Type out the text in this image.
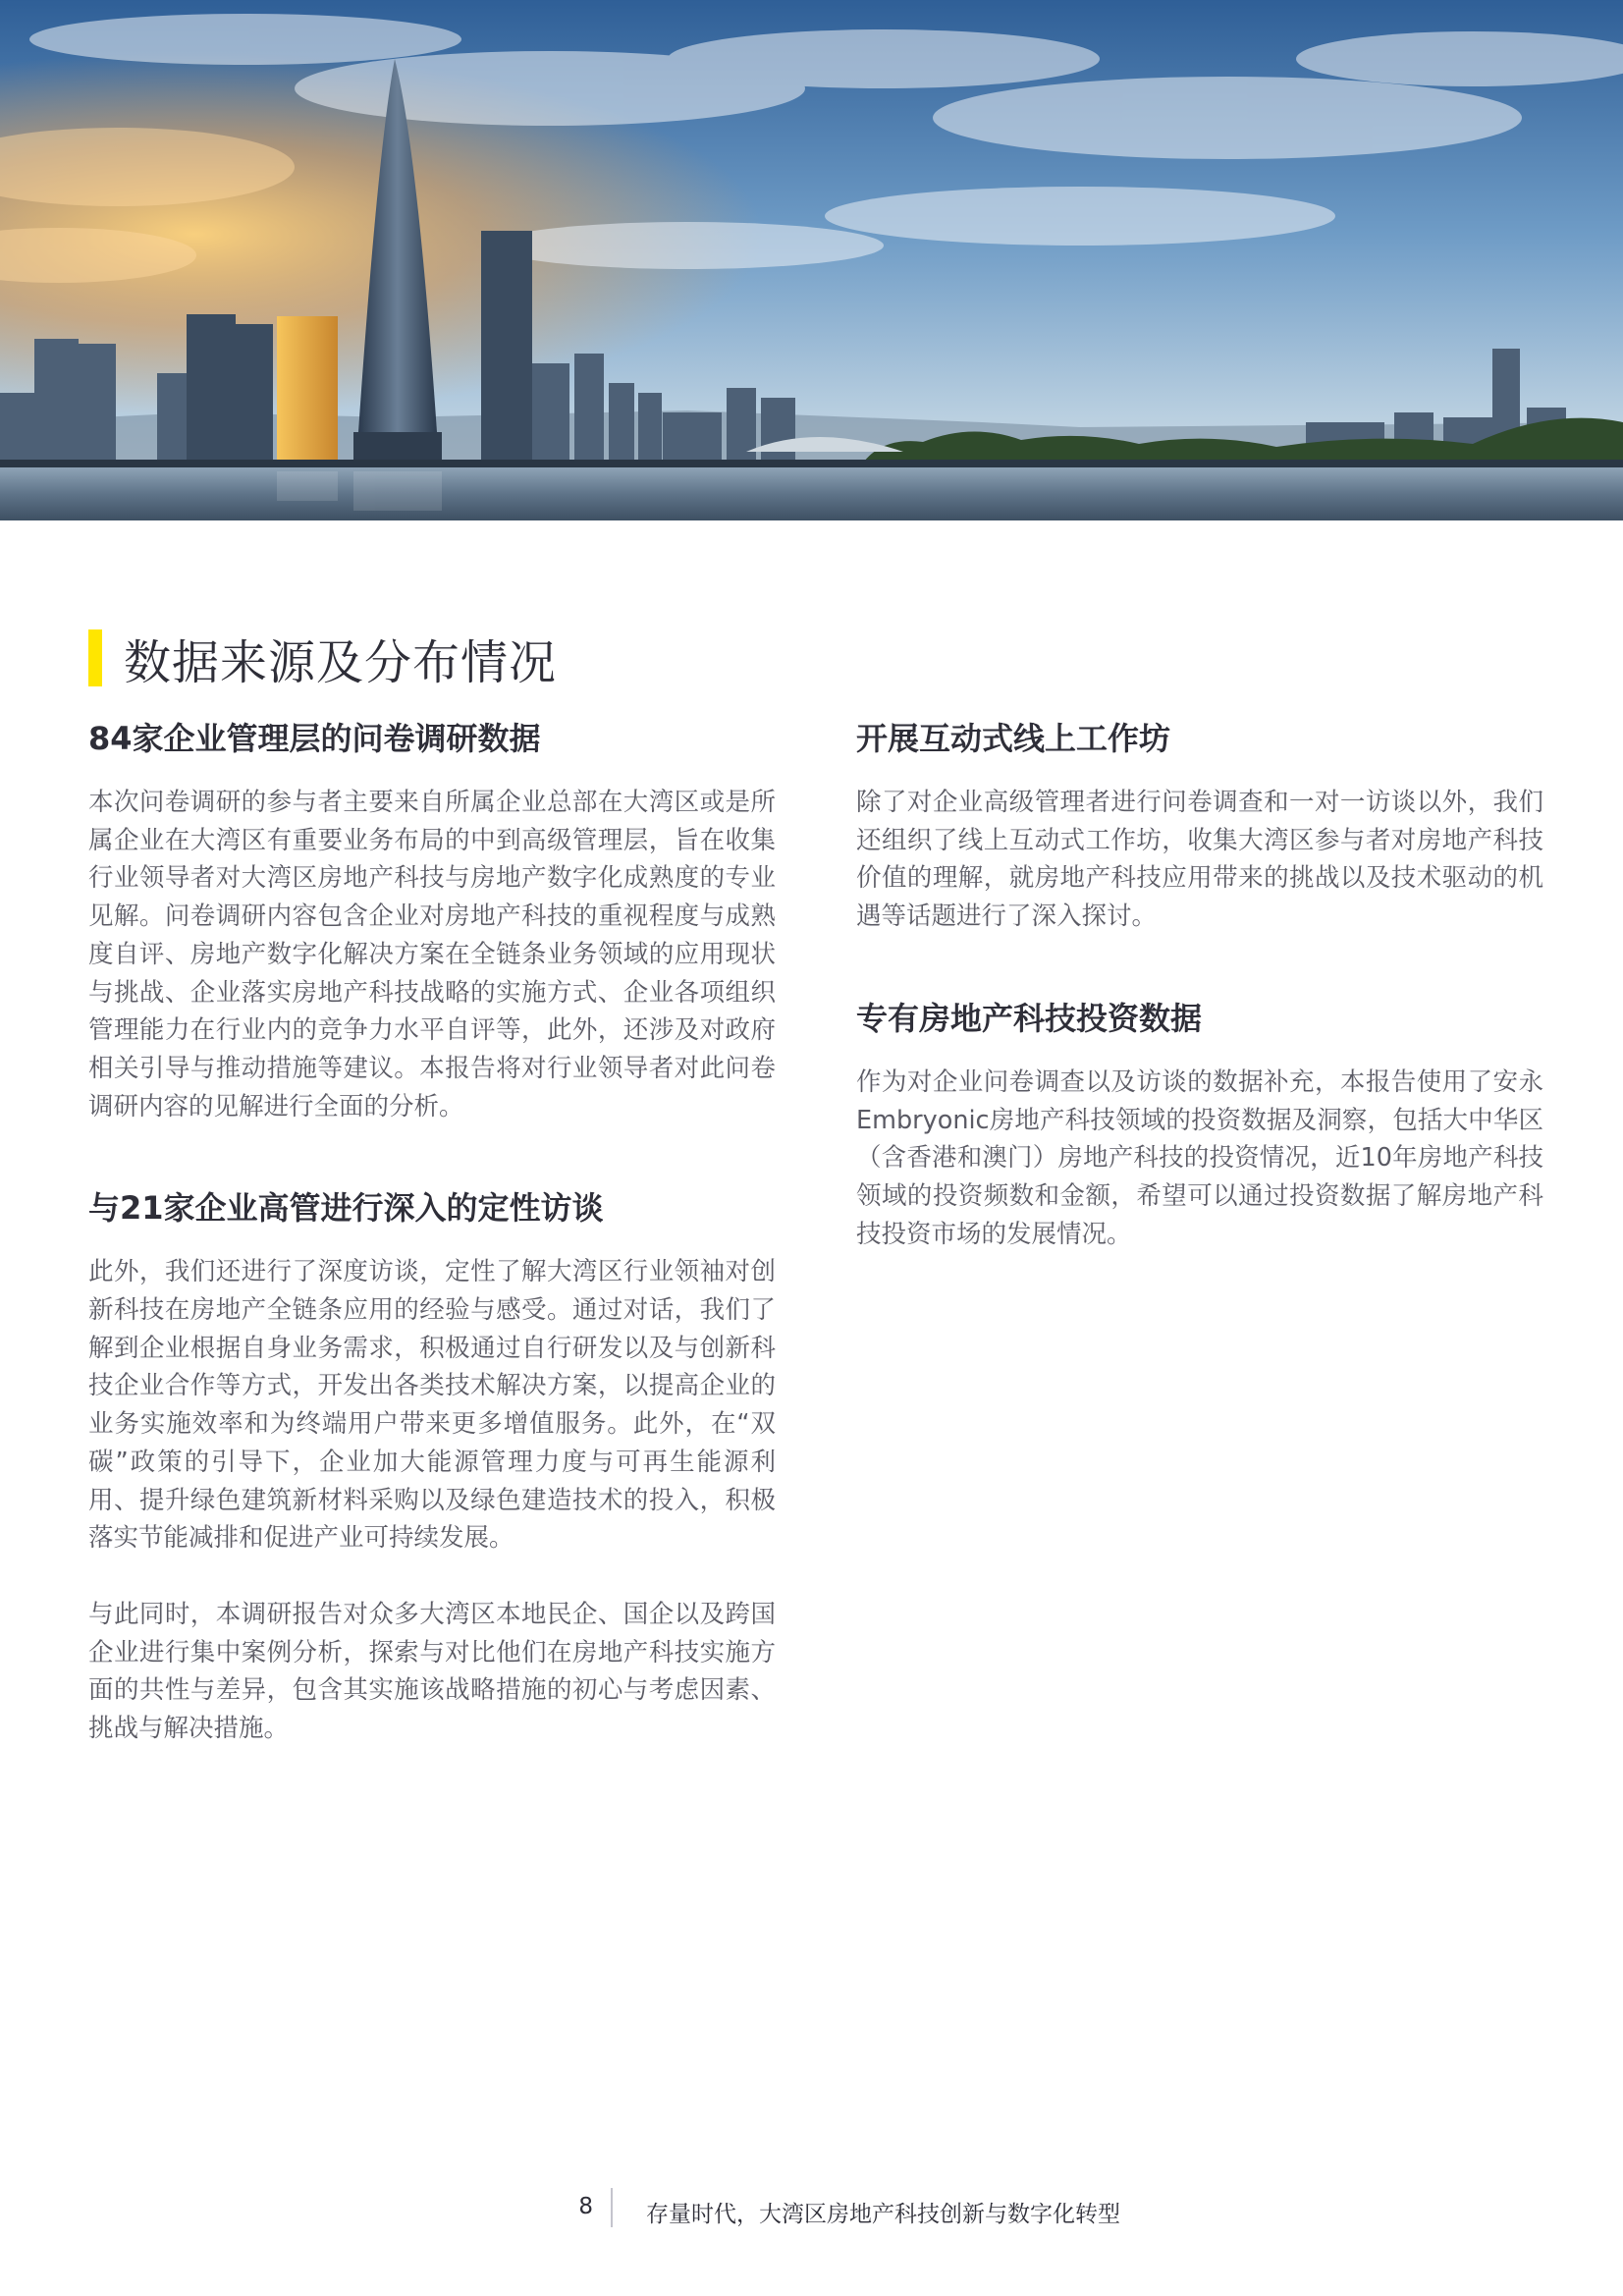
数据来源及分布情况
84家企业管理层的问卷调研数据

本次问卷调研的参与者主要来自所属企业总部在大湾区或是所属企业在大湾区有重要业务布局的中到高级管理层，旨在收集行业领导者对大湾区房地产科技与房地产数字化成熟度的专业见解。问卷调研内容包含企业对房地产科技的重视程度与成熟度自评、房地产数字化解决方案在全链条业务领域的应用现状与挑战、企业落实房地产科技战略的实施方式、企业各项组织管理能力在行业内的竞争力水平自评等，此外，还涉及对政府相关引导与推动措施等建议。本报告将对行业领导者对此问卷调研内容的见解进行全面的分析。

与21家企业高管进行深入的定性访谈

此外，我们还进行了深度访谈，定性了解大湾区行业领袖对创新科技在房地产全链条应用的经验与感受。通过对话，我们了解到企业根据自身业务需求，积极通过自行研发以及与创新科技企业合作等方式，开发出各类技术解决方案，以提高企业的业务实施效率和为终端用户带来更多增值服务。此外，在“双碳”政策的引导下，企业加大能源管理力度与可再生能源利用、提升绿色建筑新材料采购以及绿色建造技术的投入，积极落实节能减排和促进产业可持续发展。

与此同时，本调研报告对众多大湾区本地民企、国企以及跨国企业进行集中案例分析，探索与对比他们在房地产科技实施方面的共性与差异，包含其实施该战略措施的初心与考虑因素、挑战与解决措施。

开展互动式线上工作坊

除了对企业高级管理者进行问卷调查和一对一访谈以外，我们还组织了线上互动式工作坊，收集大湾区参与者对房地产科技价值的理解，就房地产科技应用带来的挑战以及技术驱动的机遇等话题进行了深入探讨。

专有房地产科技投资数据

作为对企业问卷调查以及访谈的数据补充，本报告使用了安永Embryonic房地产科技领域的投资数据及洞察，包括大中华区（含香港和澳门）房地产科技的投资情况，近10年房地产科技领域的投资频数和金额，希望可以通过投资数据了解房地产科技投资市场的发展情况。

8 存量时代，大湾区房地产科技创新与数字化转型
